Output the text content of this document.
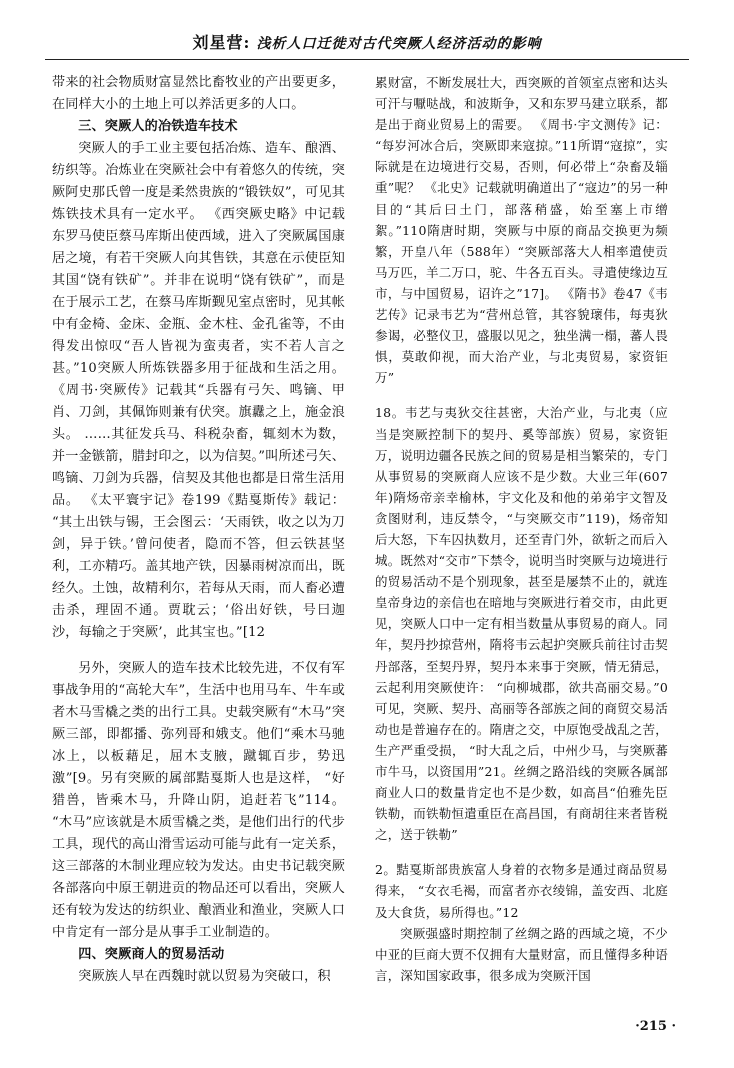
刘星营: 浅析人口迁徙对古代突厥人经济活动的影响

带来的社会物质财富显然比畜牧业的产出要更多，在同样大小的土地上可以养活更多的人口。

三、突厥人的冶铁造车技术

突厥人的手工业主要包括冶炼、造车、酿酒、纺织等。冶炼业在突厥社会中有着悠久的传统，突厥阿史那氏曾一度是柔然贵族的“锻铁奴”，可见其炼铁技术具有一定水平。 《西突厥史略》中记载东罗马使臣蔡马库斯出使西域，进入了突厥属国康居之境，有若干突厥人向其售铁，其意在示使臣知其国“饶有铁矿”。并非在说明“饶有铁矿”，而是在于展示工艺，在蔡马库斯觐见室点密时，见其帐中有金椅、金床、金瓶、金木柱、金孔雀等，不由得发出惊叹“吾人皆视为蛮夷者，实不若人言之甚。”10突厥人所炼铁器多用于征战和生活之用。 《周书·突厥传》记载其“兵器有弓矢、鸣镝、甲肖、刀剑，其佩饰则兼有伏突。旗纛之上，施金浪头。 ……其征发兵马、科税杂畜，辄刻木为数，并一金镞箭，腊封印之，以为信契。”叫所述弓矢、鸣镝、刀剑为兵器，信契及其他也都是日常生活用品。 《太平寰宇记》卷199《黠戛斯传》载记： “其土出铁与锡，王会图云：‘天雨铁，收之以为刀剑，异于铁。’曾问使者，隐而不答，但云铁甚坚利，工亦精巧。盖其地产铁，因暴雨树凉而出，既经久。土蚀，故精利尔，若每从天雨，而人畜必遭击杀，理固不通。贾耽云；‘俗出好铁，号曰迦沙，每输之于突厥’，此其宝也。”[12

另外，突厥人的造车技术比较先进，不仅有军事战争用的“高轮大车”，生活中也用马车、牛车或者木马雪橇之类的出行工具。史载突厥有“木马”突厥三部，即都播、弥列哥和娥支。他们“乘木马驰冰上，以板藉足，屈木支腋，蹴辄百步，势迅激”[9。另有突厥的属部黠戛斯人也是这样， “好猎兽，皆乘木马，升降山阴，追赶若飞”114。 “木马”应该就是木质雪橇之类，是他们出行的代步工具，现代的高山滑雪运动可能与此有一定关系，这三部落的木制业理应较为发达。由史书记载突厥各部落向中原王朝进贡的物品还可以看出，突厥人还有较为发达的纺织业、酿酒业和渔业，突厥人口中肯定有一部分是从事手工业制造的。

四、突厥商人的贸易活动

突厥族人早在西魏时就以贸易为突破口，积

累财富，不断发展壮大，西突厥的首领室点密和达头可汗与嚈哒战，和波斯争，又和东罗马建立联系，都是出于商业贸易上的需要。 《周书·宇文测传》记： “每岁河冰合后，突厥即来寇掠。”11所谓“寇掠”，实际就是在边境进行交易，否则，何必带上“杂畜及辎重”呢？ 《北史》记载就明确道出了“寇边”的另一种目的“其后曰土门，部落稍盛，始至塞上市缯絮。”110隋唐时期，突厥与中原的商品交换更为频繁，开皇八年（588年）“突厥部落大人相率遣使贡马万匹，羊二万口，驼、牛各五百头。寻遣使缘边互市，与中国贸易，诏许之”17]。 《隋书》卷47《韦艺传》记录韦艺为“营州总管，其容貌瓌伟，每夷狄参谒，必整仪卫，盛服以见之，独坐满一榻，蕃人畏惧，莫敢仰视，而大治产业，与北夷贸易，家资钜万”

18。韦艺与夷狄交往甚密，大治产业，与北夷（应当是突厥控制下的契丹、奚等部族）贸易，家资钜万，说明边疆各民族之间的贸易是相当繁荣的，专门从事贸易的突厥商人应该不是少数。大业三年(607年)隋炀帝亲幸榆林，宇文化及和他的弟弟宇文智及贪图财利，违反禁令，“与突厥交市”119)，炀帝知后大怒，下车囚执数月，还至青门外，欲斩之而后入城。既然对“交市”下禁令，说明当时突厥与边境进行的贸易活动不是个别现象，甚至是屡禁不止的，就连皇帝身边的亲信也在暗地与突厥进行着交市，由此更见，突厥人口中一定有相当数量从事贸易的商人。同年，契丹抄掠营州，隋将韦云起护突厥兵前往讨击契丹部落，至契丹界，契丹本来事于突厥，情无猜忌，云起利用突厥使许： “向柳城郡，欲共高丽交易。”0可见，突厥、契丹、高丽等各部族之间的商贸交易活动也是普遍存在的。隋唐之交，中原饱受战乱之苦，生产严重受损， “时大乱之后，中州少马，与突厥蕃市牛马，以资国用”21。丝绸之路沿线的突厥各属部商业人口的数量肯定也不是少数，如高昌“伯雅先臣铁勒，而铁勒恒遣重臣在高昌国，有商胡往来者皆税之，送于铁勒”

2。黠戛斯部贵族富人身着的衣物多是通过商品贸易得来， “女衣毛褐，而富者亦衣绫锦，盖安西、北庭及大食货，易所得也。”12

突厥强盛时期控制了丝绸之路的西域之境，不少中亚的巨商大贾不仅拥有大量财富，而且懂得多种语言，深知国家政事，很多成为突厥汗国

·215 ·
